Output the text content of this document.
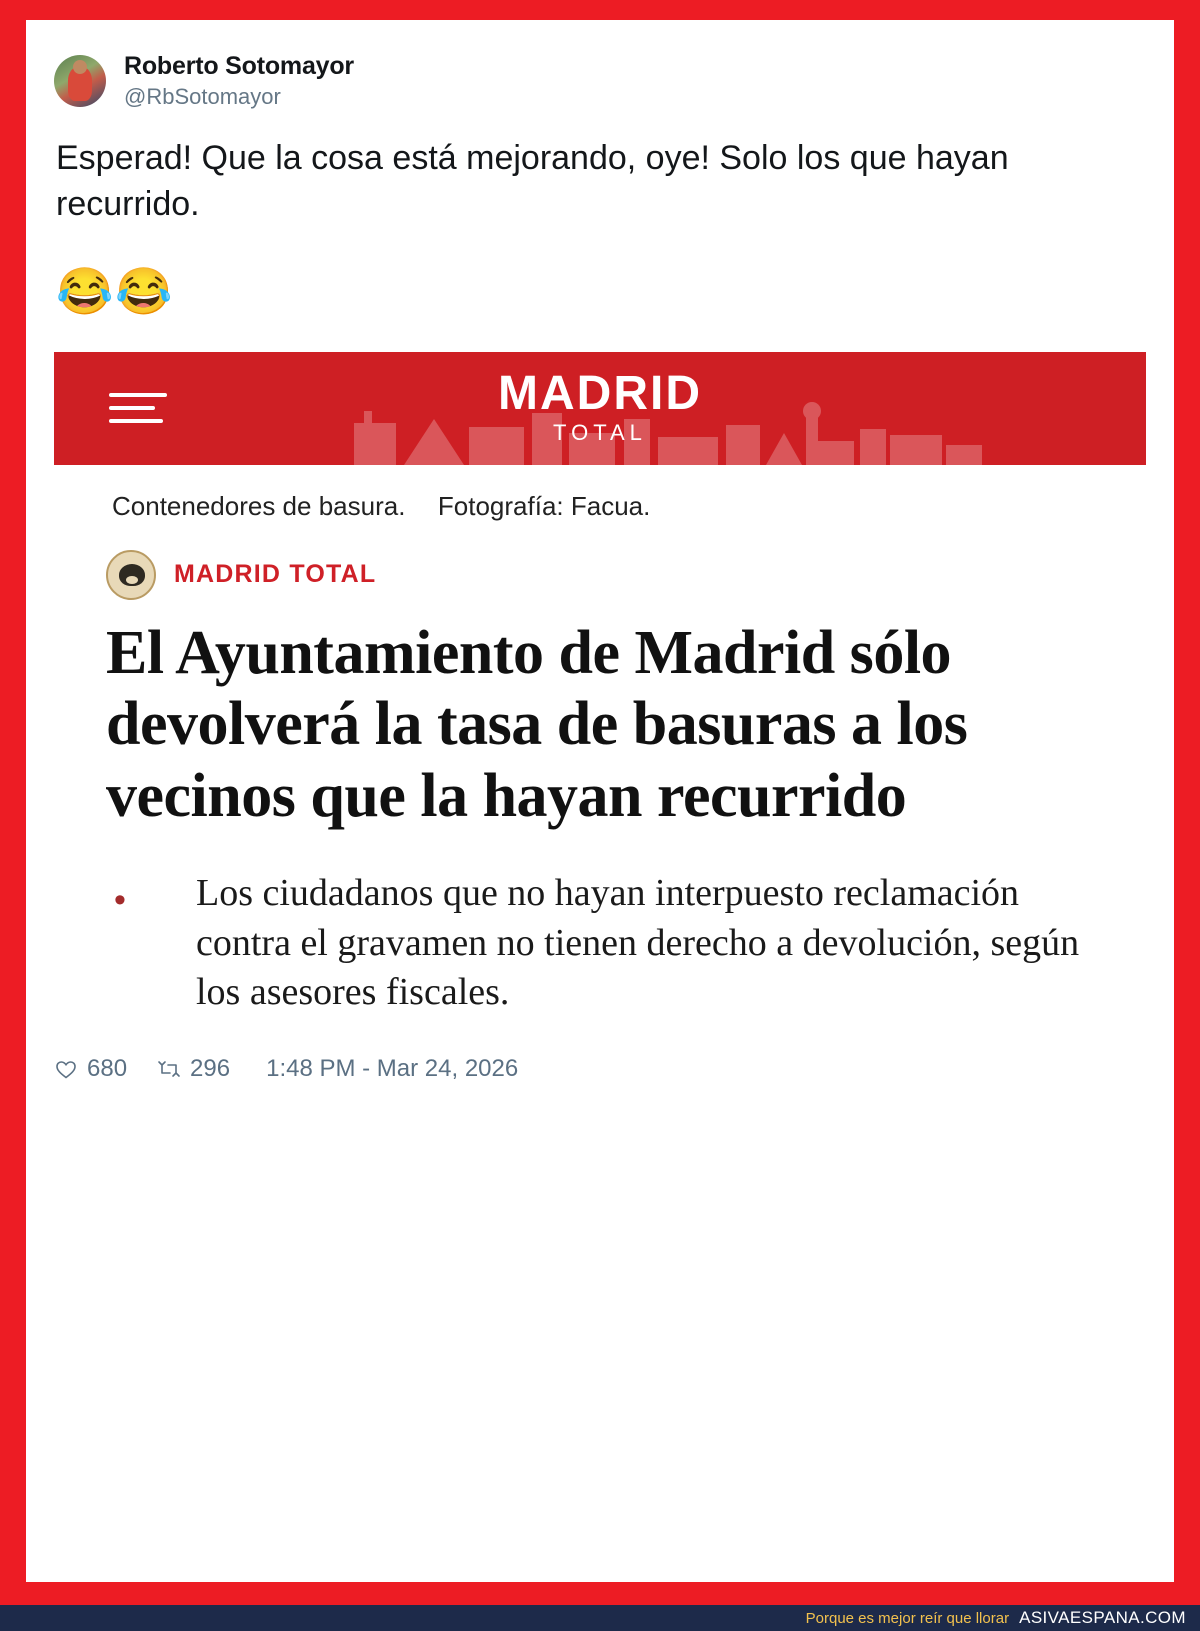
Roberto Sotomayor
@RbSotomayor
Esperad! Que la cosa está mejorando, oye! Solo los que hayan recurrido.
😂😂
MADRID
TOTAL
Contenedores de basura. Fotografía: Facua.
MADRID TOTAL
El Ayuntamiento de Madrid sólo devolverá la tasa de basuras a los vecinos que la hayan recurrido
•	Los ciudadanos que no hayan interpuesto reclamación contra el gravamen no tienen derecho a devolución, según los asesores fiscales.
680	296 1:48 PM - Mar 24, 2026
Porque es mejor reír que llorar ASIVAESPANA.COM
